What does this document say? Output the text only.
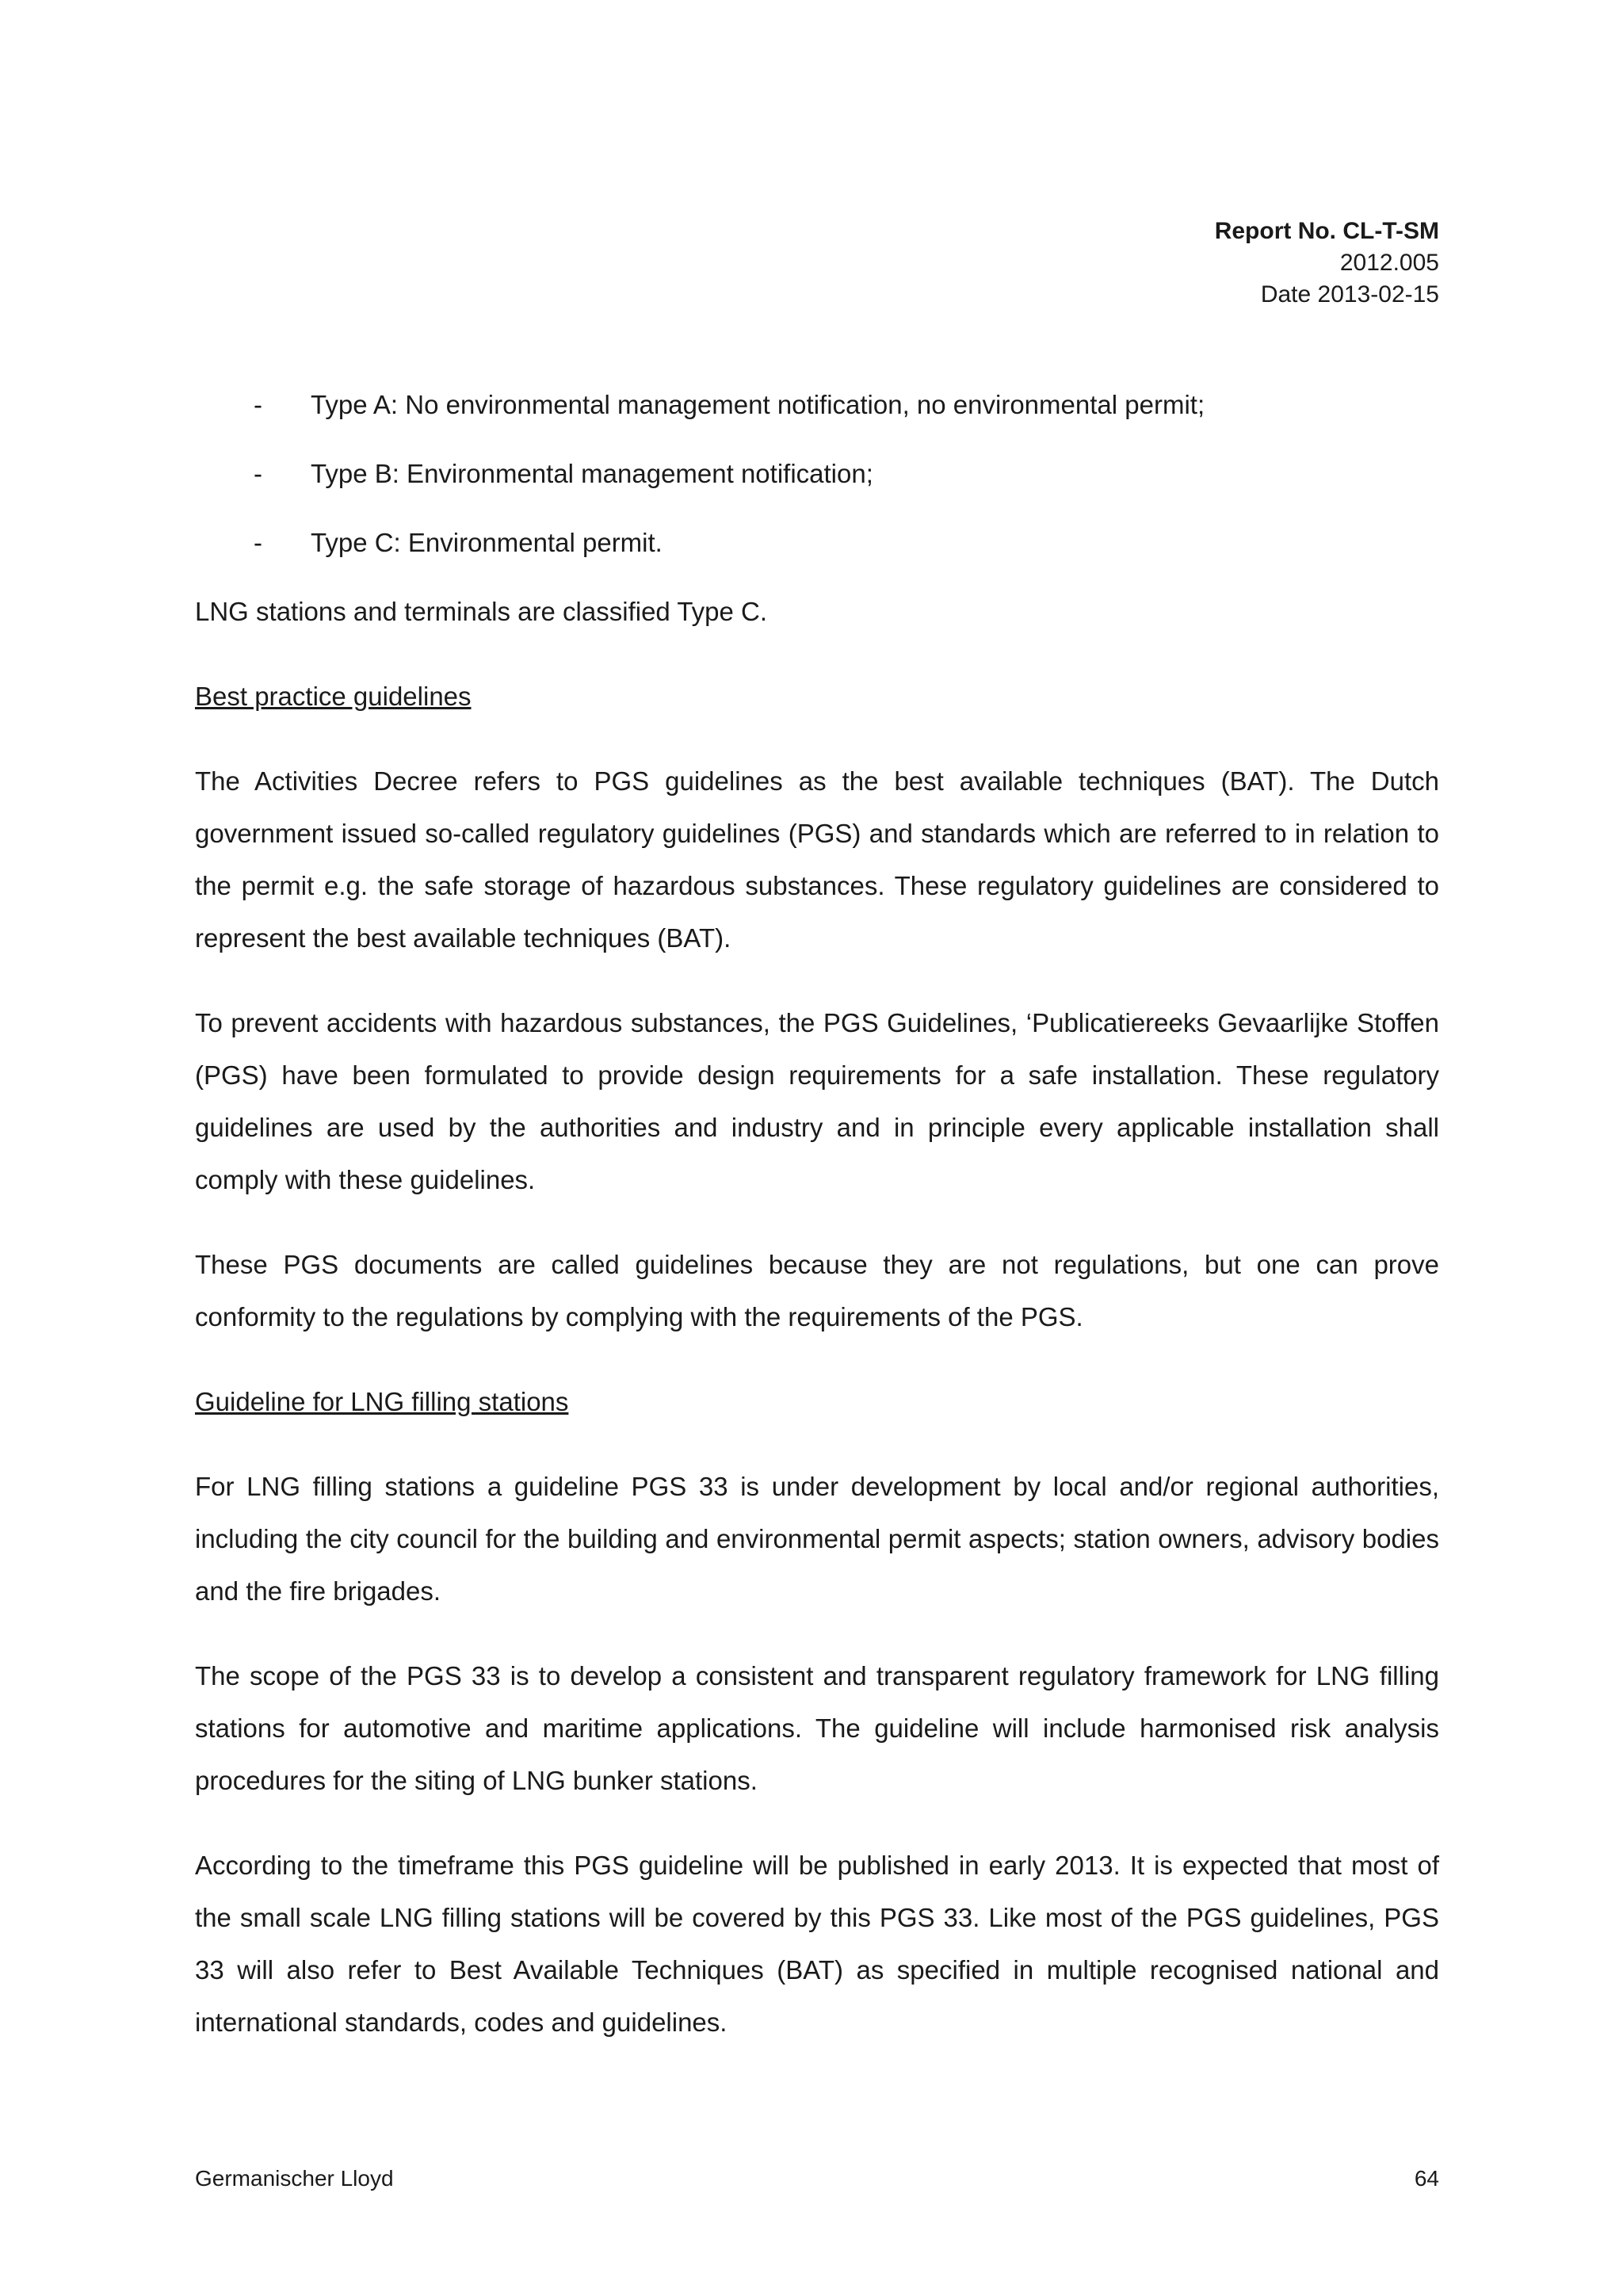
Report No. CL-T-SM
2012.005
Date 2013-02-15
- Type A: No environmental management notification, no environmental permit;
- Type B: Environmental management notification;
- Type C: Environmental permit.

LNG stations and terminals are classified Type C.

Best practice guidelines

The Activities Decree refers to PGS guidelines as the best available techniques (BAT). The Dutch government issued so-called regulatory guidelines (PGS) and standards which are referred to in relation to the permit e.g. the safe storage of hazardous substances. These regulatory guidelines are considered to represent the best available techniques (BAT).

To prevent accidents with hazardous substances, the PGS Guidelines, ‘Publicatiereeks Gevaarlijke Stoffen (PGS) have been formulated to provide design requirements for a safe installation. These regulatory guidelines are used by the authorities and industry and in principle every applicable installation shall comply with these guidelines.

These PGS documents are called guidelines because they are not regulations, but one can prove conformity to the regulations by complying with the requirements of the PGS.

Guideline for LNG filling stations

For LNG filling stations a guideline PGS 33 is under development by local and/or regional authorities, including the city council for the building and environmental permit aspects; station owners, advisory bodies and the fire brigades.

The scope of the PGS 33 is to develop a consistent and transparent regulatory framework for LNG filling stations for automotive and maritime applications. The guideline will include harmonised risk analysis procedures for the siting of LNG bunker stations.

According to the timeframe this PGS guideline will be published in early 2013. It is expected that most of the small scale LNG filling stations will be covered by this PGS 33. Like most of the PGS guidelines, PGS 33 will also refer to Best Available Techniques (BAT) as specified in multiple recognised national and international standards, codes and guidelines.

Germanischer Lloyd	64
